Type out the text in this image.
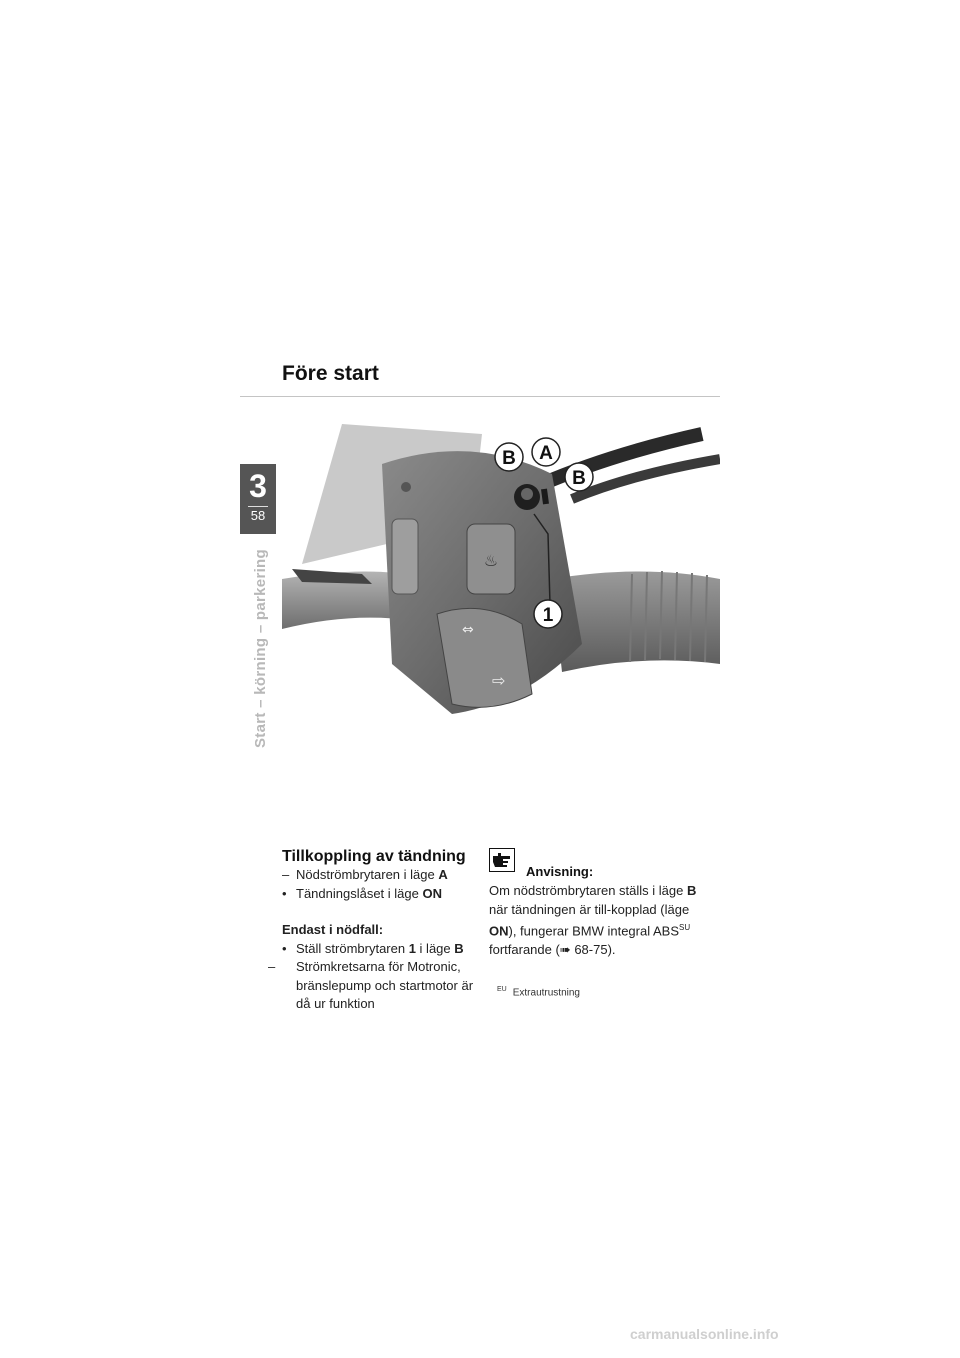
Före start
3
58
Start – körning – parkering	♨
⇔
⇨
B A
B
1
Tillkoppling av tändning
– Nödströmbrytaren i läge A
• Tändningslåset i läge ON
Endast i nödfall:
• Ställ strömbrytaren 1 i läge B
– Strömkretsarna för Motronic, bränslepump och startmotor är då ur funktion
Anvisning:
Om nödströmbrytaren ställs i läge B när tändningen är till-kopplad (läge ON), fungerar BMW integral $ABS^{SU}$ fortfarande (➠ 68-75).
$^{EU}$ Extrautrustning
carmanualsonline.info
